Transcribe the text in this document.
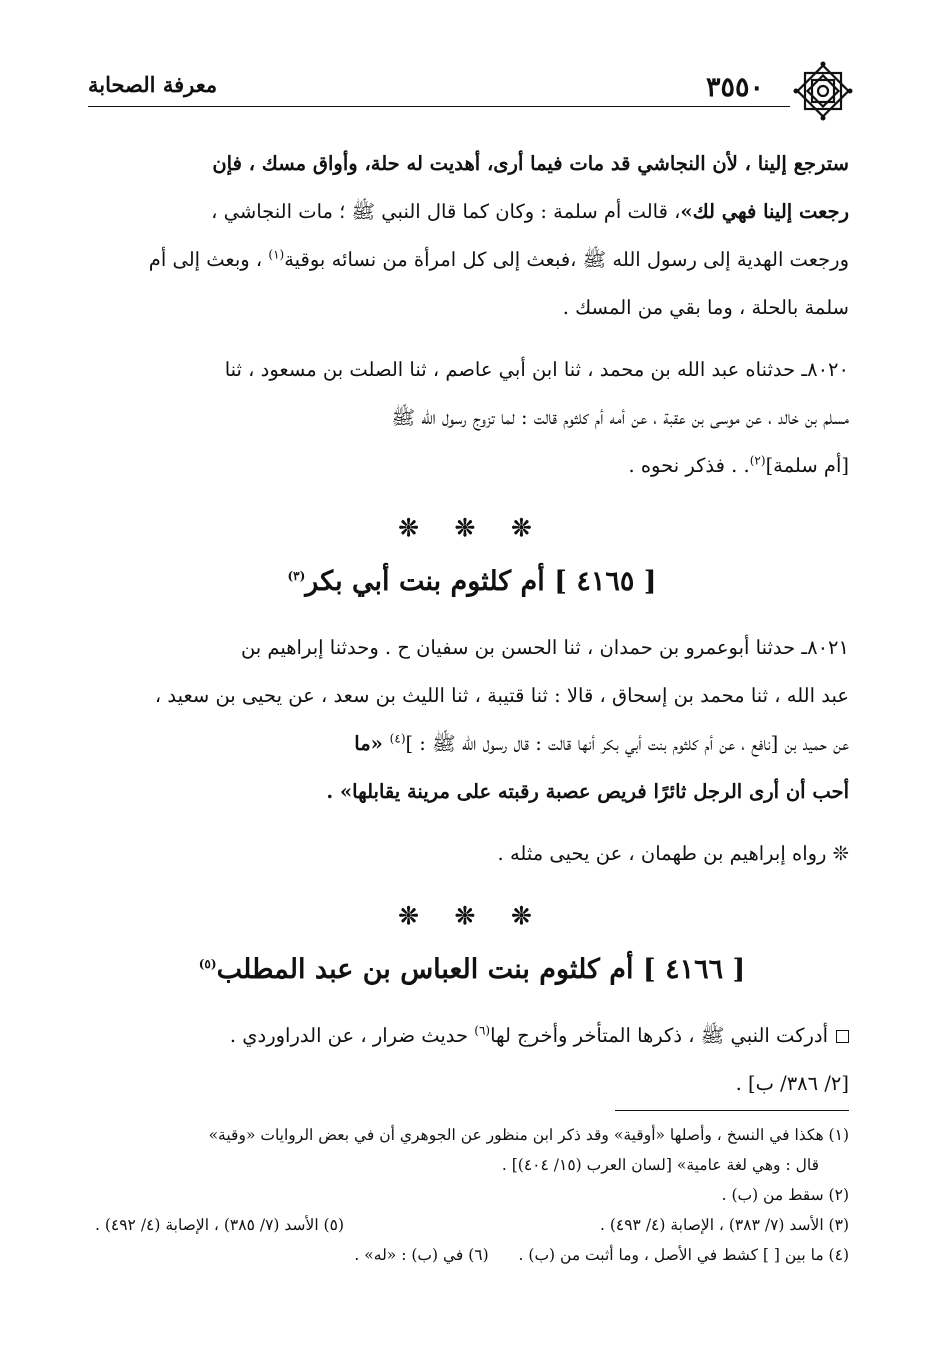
٣٥٥٠
معرفة الصحابة

سترجع إلينا ، لأن النجاشي قد مات فيما أرى، أهديت له حلة، وأواق مسك ، فإن

رجعت إلينا فهي لك»، قالت أم سلمة : وكان كما قال النبي ﷺ ؛ مات النجاشي ،

ورجعت الهدية إلى رسول الله ﷺ ،فبعث إلى كل امرأة من نسائه بوقية$^{(١)}$ ، وبعث إلى أم

سلمة بالحلة ، وما بقي من المسك .

٨٠٢٠ـ حدثناه عبد الله بن محمد ، ثنا ابن أبي عاصم ، ثنا الصلت بن مسعود ، ثنا

مسلم بن خالد ، عن موسى بن عقبة ، عن أمه أم كلثوم قالت : لما تزوج رسول الله ﷺ

[أم سلمة]$^{(٢)}$. . فذكر نحوه .

❊ ❊ ❊
[ ٤١٦٥ ] أم كلثوم بنت أبي بكر$^{(٣)}$

٨٠٢١ـ حدثنا أبوعمرو بن حمدان ، ثنا الحسن بن سفيان ح . وحدثنا إبراهيم بن

عبد الله ، ثنا محمد بن إسحاق ، قالا : ثنا قتيبة ، ثنا الليث بن سعد ، عن يحيى بن سعيد ،

عن حميد بن [نافع ، عن أم كلثوم بنت أبي بكر أنها قالت : قال رسول الله ﷺ : ]$^{(٤)}$ «ما

أحب أن أرى الرجل ثائرًا فريص عصبة رقبته على مرينة يقابلها» .

❊ رواه إبراهيم بن طهمان ، عن يحيى مثله .

❊ ❊ ❊
[ ٤١٦٦ ] أم كلثوم بنت العباس بن عبد المطلب$^{(٥)}$

أدركت النبي ﷺ ، ذكرها المتأخر وأخرج لها$^{(٦)}$ حديث ضرار ، عن الدراوردي .

[٢/ ٣٨٦/ ب] .

(١) هكذا في النسخ ، وأصلها «أوقية» وقد ذكر ابن منظور عن الجوهري أن في بعض الروايات «وقية»
قال : وهي لغة عامية» [لسان العرب (١٥/ ٤٠٤)] .
(٢) سقط من (ب) .
(٣) الأسد (٧/ ٣٨٣) ، الإصابة (٤/ ٤٩٣) .
(٥) الأسد (٧/ ٣٨٥) ، الإصابة (٤/ ٤٩٢) .
(٤) ما بين [ ] كشط في الأصل ، وما أثبت من (ب) .  (٦) في (ب) : «له» .
